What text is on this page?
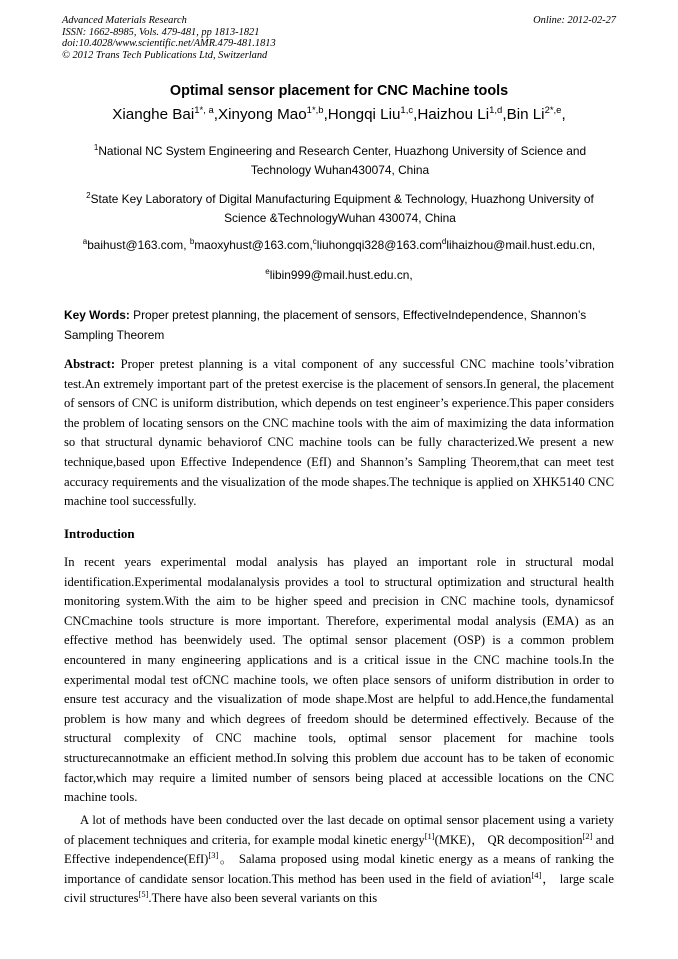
Advanced Materials Research
ISSN: 1662-8985, Vols. 479-481, pp 1813-1821
doi:10.4028/www.scientific.net/AMR.479-481.1813
© 2012 Trans Tech Publications Ltd, Switzerland
Online: 2012-02-27
Optimal sensor placement for CNC Machine tools
Xianghe Bai$^{1*, a}$,Xinyong Mao$^{1*,b}$,Hongqi Liu$^{1,c}$,Haizhou Li$^{1,d}$,Bin $Li^{2*,e}$,
$^1$National NC System Engineering and Research Center, Huazhong University of Science and Technology Wuhan430074, China
$^2$State Key Laboratory of Digital Manufacturing Equipment & Technology, Huazhong University of Science &TechnologyWuhan 430074, China
$^a$baihust@163.com, $^b$maoxyhust@163.com,$^c$liuhongqi328@163.com$^d$lihaizhou@mail.hust.edu.cn,
$^e$libin999@mail.hust.edu.cn,
Key Words: Proper pretest planning, the placement of sensors, EffectiveIndependence, Shannon’s Sampling Theorem

Abstract: Proper pretest planning is a vital component of any successful CNC machine tools’vibration test.An extremely important part of the pretest exercise is the placement of sensors.In general, the placement of sensors of CNC is uniform distribution, which depends on test engineer’s experience.This paper considers the problem of locating sensors on the CNC machine tools with the aim of maximizing the data information so that structural dynamic behaviorof CNC machine tools can be fully characterized.We present a new technique,based upon Effective Independence (EfI) and Shannon’s Sampling Theorem,that can meet test accuracy requirements and the visualization of the mode shapes.The technique is applied on XHK5140 CNC machine tool successfully.

Introduction

In recent years experimental modal analysis has played an important role in structural modal identification.Experimental modalanalysis provides a tool to structural optimization and structural health monitoring system.With the aim to be higher speed and precision in CNC machine tools, dynamicsof CNCmachine tools structure is more important. Therefore, experimental modal analysis (EMA) as an effective method has beenwidely used. The optimal sensor placement (OSP) is a common problem encountered in many engineering applications and is a critical issue in the CNC machine tools.In the experimental modal test ofCNC machine tools, we often place sensors of uniform distribution in order to ensure test accuracy and the visualization of mode shape.Most are helpful to add.Hence,the fundamental problem is how many and which degrees of freedom should be determined effectively. Because of the structural complexity of CNC machine tools, optimal sensor placement for machine tools structurecannotmake an efficient method.In solving this problem due account has to be taken of economic factor,which may require a limited number of sensors being placed at accessible locations on the CNC machine tools.

A lot of methods have been conducted over the last decade on optimal sensor placement using a variety of placement techniques and criteria, for example modal kinetic energy[1](MKE)， QR decomposition[2] and Effective independence(EfI)[3]。 Salama proposed using modal kinetic energy as a means of ranking the importance of candidate sensor location.This method has been used in the field of aviation[4]， large scale civil structures[5].There have also been several variants on this
